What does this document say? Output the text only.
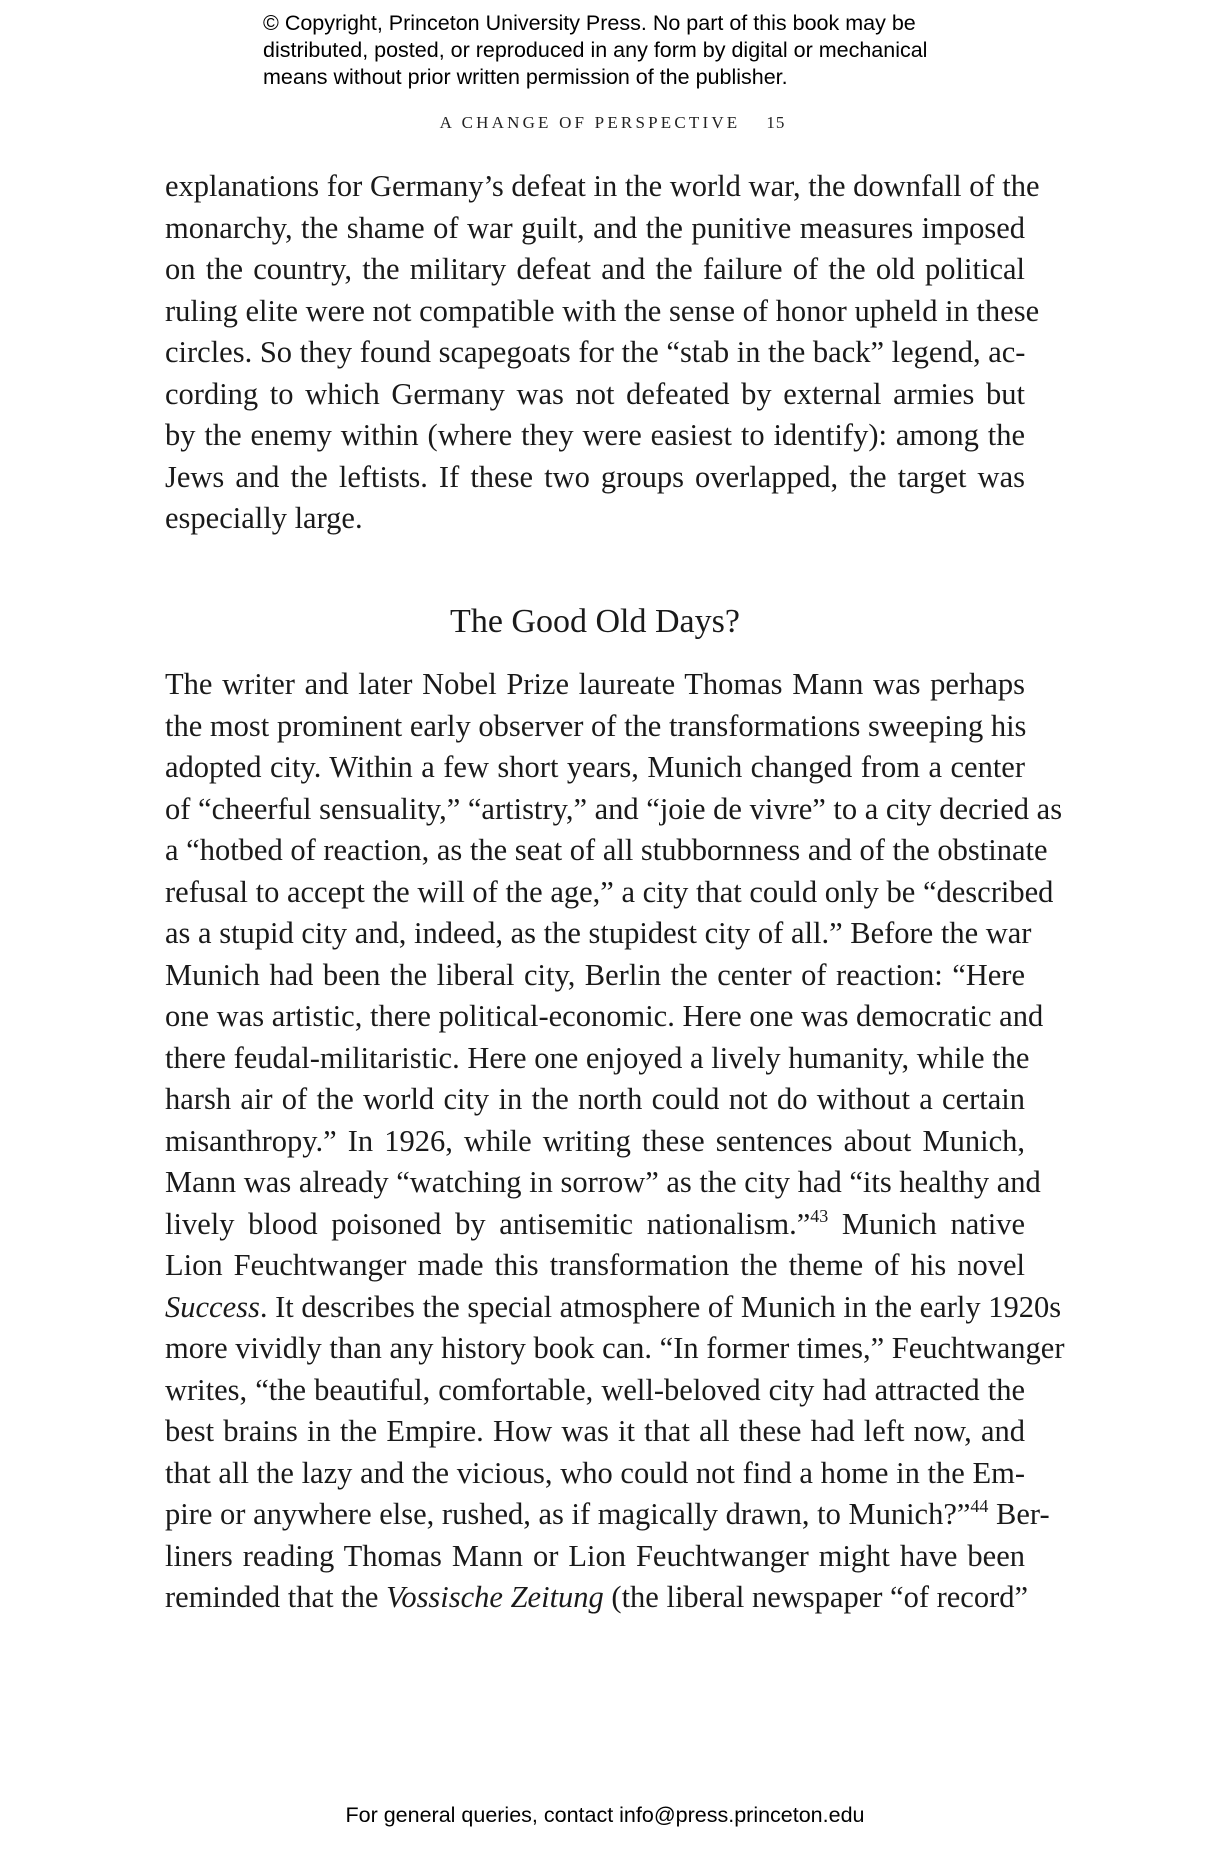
© Copyright, Princeton University Press. No part of this book may be
distributed, posted, or reproduced in any form by digital or mechanical
means without prior written permission of the publisher.
A CHANGE OF PERSPECTIVE 15
explanations for Germany’s defeat in the world war, the downfall of the
monarchy, the shame of war guilt, and the punitive measures imposed
on the country, the military defeat and the failure of the old political
ruling elite were not compatible with the sense of honor upheld in these
circles. So they found scapegoats for the “stab in the back” legend, ac-
cording to which Germany was not defeated by external armies but
by the enemy within (where they were easiest to identify): among the
Jews and the leftists. If these two groups overlapped, the target was
especially large.
The Good Old Days?
The writer and later Nobel Prize laureate Thomas Mann was perhaps
the most prominent early observer of the transformations sweeping his
adopted city. Within a few short years, Munich changed from a center
of “cheerful sensuality,” “artistry,” and “joie de vivre” to a city decried as
a “hotbed of reaction, as the seat of all stubbornness and of the obstinate
refusal to accept the will of the age,” a city that could only be “described
as a stupid city and, indeed, as the stupidest city of all.” Before the war
Munich had been the liberal city, Berlin the center of reaction: “Here
one was artistic, there political-economic. Here one was democratic and
there feudal-militaristic. Here one enjoyed a lively humanity, while the
harsh air of the world city in the north could not do without a certain
misanthropy.” In 1926, while writing these sentences about Munich,
Mann was already “watching in sorrow” as the city had “its healthy and
lively blood poisoned by antisemitic nationalism.”$^{43}$ Munich native
Lion Feuchtwanger made this transformation the theme of his novel
Success. It describes the special atmosphere of Munich in the early 1920s
more vividly than any history book can. “In former times,” Feuchtwanger
writes, “the beautiful, comfortable, well-beloved city had attracted the
best brains in the Empire. How was it that all these had left now, and
that all the lazy and the vicious, who could not find a home in the Em-
pire or anywhere else, rushed, as if magically drawn, to Munich?”$^{44}$ Ber-
liners reading Thomas Mann or Lion Feuchtwanger might have been
reminded that the Vossische Zeitung (the liberal newspaper “of record”
For general queries, contact info@press.princeton.edu
